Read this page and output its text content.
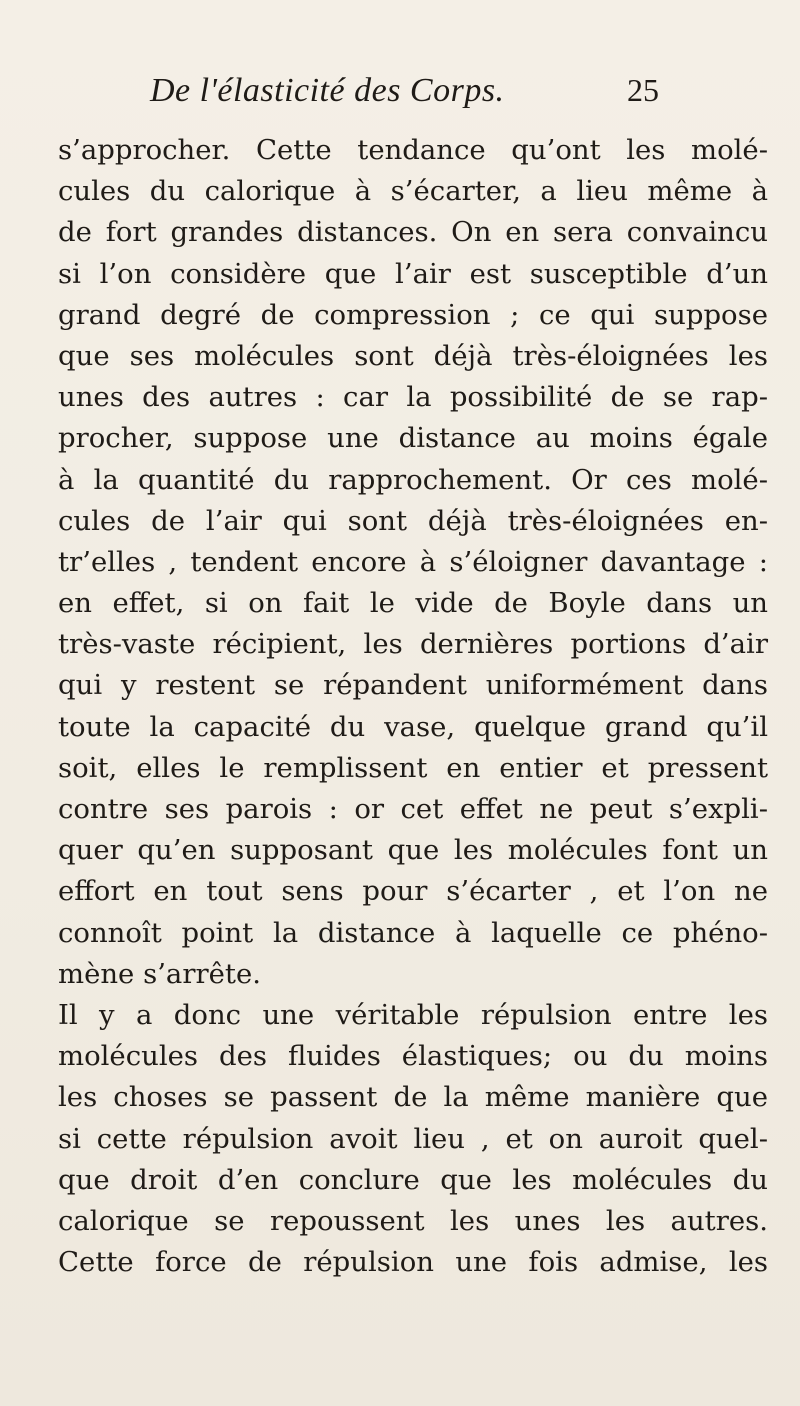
De l'élasticité des Corps.	25
s’approcher. Cette tendance qu’ont les molé-
cules du calorique à s’écarter, a lieu même à
de fort grandes distances. On en sera convaincu
si l’on considère que l’air est susceptible d’un
grand degré de compression ; ce qui suppose
que ses molécules sont déjà très-éloignées les
unes des autres : car la possibilité de se rap-
procher, suppose une distance au moins égale
à la quantité du rapprochement. Or ces molé-
cules de l’air qui sont déjà très-éloignées en-
tr’elles , tendent encore à s’éloigner davantage :
en effet, si on fait le vide de Boyle dans un
très-vaste récipient, les dernières portions d’air
qui y restent se répandent uniformément dans
toute la capacité du vase, quelque grand qu’il
soit, elles le remplissent en entier et pressent
contre ses parois : or cet effet ne peut s’expli-
quer qu’en supposant que les molécules font un
effort en tout sens pour s’écarter , et l’on ne
connoît point la distance à laquelle ce phéno-
mène s’arrête.
Il y a donc une véritable répulsion entre les
molécules des fluides élastiques; ou du moins
les choses se passent de la même manière que
si cette répulsion avoit lieu , et on auroit quel-
que droit d’en conclure que les molécules du
calorique se repoussent les unes les autres.
Cette force de répulsion une fois admise, les
